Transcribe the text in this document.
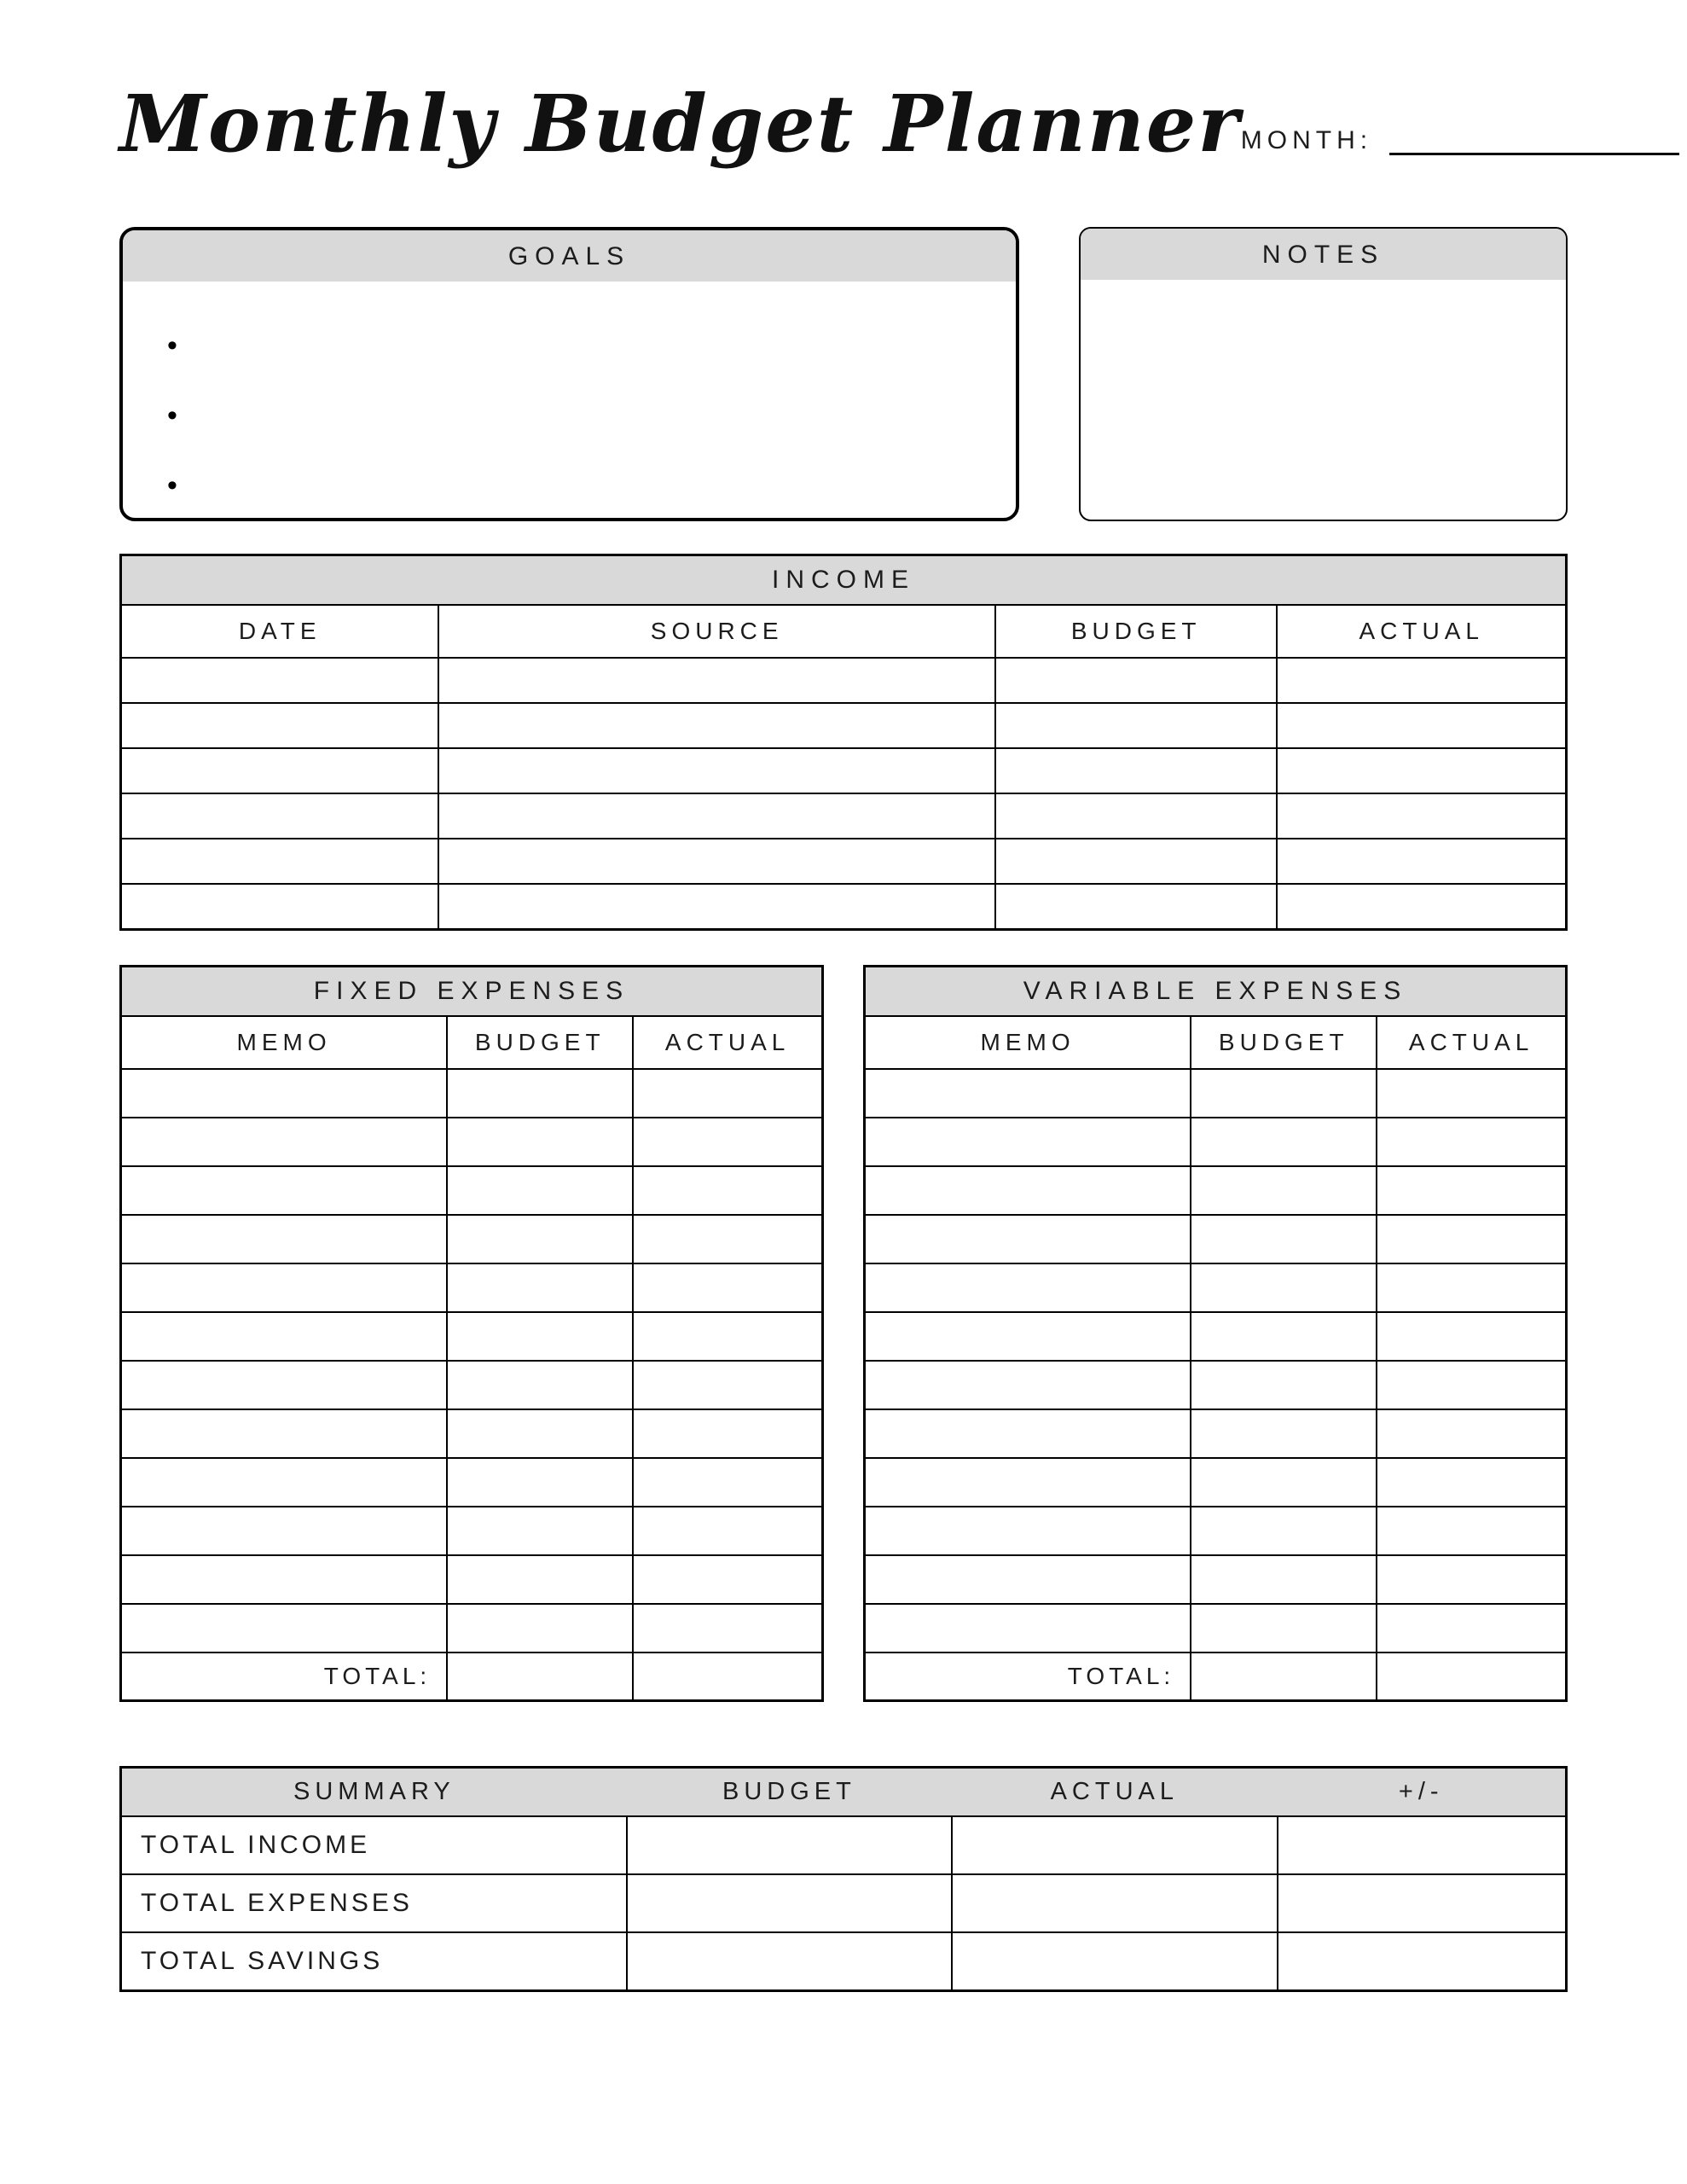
Monthly Budget Planner MONTH:
GOALS
•
•
•
NOTES
INCOME			
DATE	SOURCE	BUDGET	ACTUAL

FIXED EXPENSES		
MEMO	BUDGET	ACTUAL

TOTAL:		
VARIABLE EXPENSES		
MEMO	BUDGET	ACTUAL

TOTAL:		
SUMMARY	BUDGET	ACTUAL	+/-
TOTAL INCOME			
TOTAL EXPENSES			
TOTAL SAVINGS			
